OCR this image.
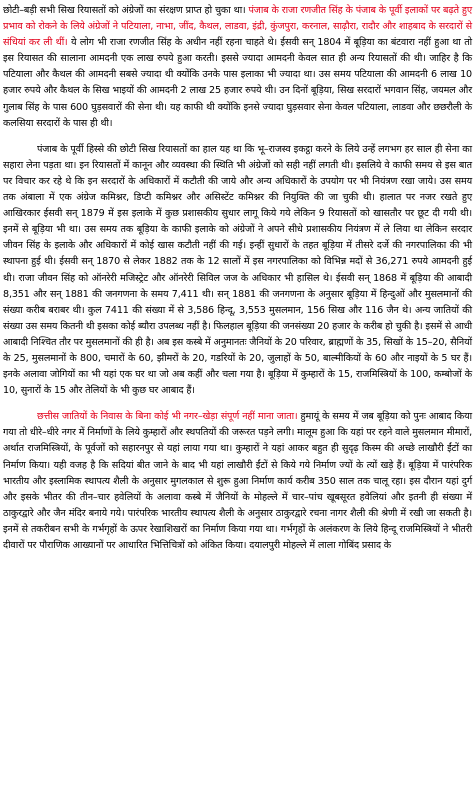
छोटी–बड़ी सभी सिख रियासतों को अंग्रेजों का संरक्षण प्राप्त हो चुका था। पंजाब के राजा रणजीत सिंह के पंजाब के पूर्वी इलाकों पर बढ़ते हुए प्रभाव को रोकने के लिये अंग्रेजों ने पटियाला, नाभा, जींद, कैथल, लाडवा, इंद्री, कुंजपुरा, करनाल, साढ़ौरा, रादौर और शाहबाद के सरदारों से संधियां कर ली थीं। ये लोग भी राजा रणजीत सिंह के अधीन नहीं रहना चाहते थे। ईसवी सन् 1804 में बूड़िया का बंटवारा नहीं हुआ था तो इस रियासत की सालाना आमदनी एक लाख रुपये हुआ करती। इससे ज्यादा आमदनी केवल सात ही अन्य रियासतों की थी। जाहिर है कि पटियाला और कैथल की आमदनी सबसे ज्यादा थी क्योंकि उनके पास इलाका भी ज्यादा था। उस समय पटियाला की आमदनी 6 लाख 10 हजार रुपये और कैथल के सिख भाइयों की आमदनी 2 लाख 25 हजार रुपये थी। उन दिनों बूड़िया, सिख सरदारों भगवान सिंह, जयमल और गुलाब सिंह के पास 600 घुड़सवारों की सेना थी। यह काफी थी क्योंकि इनसे ज्यादा घुड़सवार सेना केवल पटियाला, लाडवा और छछरौली के कलसिया सरदारों के पास ही थी।

पंजाब के पूर्वी हिस्से की छोटी सिख रियासतों का हाल यह था कि भू–राजस्व इकट्ठा करने के लिये उन्हें लगभग हर साल ही सेना का सहारा लेना पड़ता था। इन रियासतों में कानून और व्यवस्था की स्थिति भी अंग्रेजों को सही नहीं लगती थी। इसलिये वे काफी समय से इस बात पर विचार कर रहे थे कि इन सरदारों के अधिकारों में कटौती की जाये और अन्य अधिकारों के उपयोग पर भी नियंत्रण रखा जाये। उस समय तक अंबाला में एक अंग्रेज कमिश्नर, डिप्टी कमिश्नर और असिस्टेंट कमिश्नर की नियुक्ति की जा चुकी थी। हालात पर नजर रखते हुए आखिरकार ईसवी सन् 1879 में इस इलाके में कुछ प्रशासकीय सुधार लागू किये गये लेकिन 9 रियासतों को खासतौर पर छूट दी गयी थी। इनमें से बूड़िया भी था। उस समय तक बूड़िया के काफी इलाके को अंग्रेजों ने अपने सीधे प्रशासकीय नियंत्रण में ले लिया था लेकिन सरदार जीवन सिंह के इलाके और अधिकारों में कोई खास कटौती नहीं की गई। इन्हीं सुधारों के तहत बूड़िया में तीसरे दर्जे की नगरपालिका की भी स्थापना हुई थी। ईसवी सन् 1870 से लेकर 1882 तक के 12 सालों में इस नगरपालिका को विभिन्न मदों से 36,271 रुपये आमदनी हुई थी। राजा जीवन सिंह को ऑनरेरी मजिस्ट्रेट और ऑनरेरी सिविल जज के अधिकार भी हासिल थे। ईसवी सन् 1868 में बूड़िया की आबादी 8,351 और सन् 1881 की जनगणना के समय 7,411 थी। सन् 1881 की जनगणना के अनुसार बूड़िया में हिन्दुओं और मुसलमानों की संख्या करीब बराबर थी। कुल 7411 की संख्या में से 3,586 हिन्दू, 3,553 मुसलमान, 156 सिख और 116 जैन थे। अन्य जातियों की संख्या उस समय कितनी थी इसका कोई ब्यौरा उपलब्ध नहीं है। फिलहाल बूड़िया की जनसंख्या 20 हजार के करीब हो चुकी है। इसमें से आधी आबादी निश्चित तौर पर मुसलमानों की ही है। अब इस कस्बे में अनुमानतः जैनियों के 20 परिवार, ब्राह्मणों के 35, सिखों के 15–20, सैनियों के 25, मुसलमानों के 800, चमारों के 60, झीमरों के 20, गडरियों के 20, जुलाहों के 50, बाल्मीकियों के 60 और नाइयों के 5 घर हैं। इनके अलावा जोगियों का भी यहां एक घर था जो अब कहीं और चला गया है। बूड़िया में कुम्हारों के 15, राजमिस्त्रियों के 100, कम्बोजों के 10, सुनारों के 15 और तेलियों के भी कुछ घर आबाद हैं।

छत्तीस जातियों के निवास के बिना कोई भी नगर–खेड़ा संपूर्ण नहीं माना जाता। हुमायूं के समय में जब बूड़िया को पुनः आबाद किया गया तो धीरे–धीरे नगर में निर्माणों के लिये कुम्हारों और स्थपतियों की जरूरत पड़ने लगी। मालूम हुआ कि यहां पर रहने वाले मुसलमान मीमारों, अर्थात राजमिस्त्रियों, के पूर्वजों को सहारनपुर से यहां लाया गया था। कुम्हारों ने यहां आकर बहुत ही सुदृढ़ किस्म की अच्छे लाखौरी ईंटों का निर्माण किया। यही वजह है कि सदियां बीत जाने के बाद भी यहां लाखौरी ईंटों से किये गये निर्माण ज्यों के त्यों खड़े हैं। बूड़िया में पारंपरिक भारतीय और इस्लामिक स्थापत्य शैली के अनुसार मुगलकाल से शुरू हुआ निर्माण कार्य करीब 350 साल तक चालू रहा। इस दौरान यहां दुर्ग और इसके भीतर की तीन–चार हवेलियों के अलावा कस्बे में जैनियों के मोहल्ले में चार–पांच खूबसूरत हवेलियां और इतनी ही संख्या में ठाकुरद्वारे और जैन मंदिर बनाये गये। पारंपरिक भारतीय स्थापत्य शैली के अनुसार ठाकुरद्वारे रचना नागर शैली की श्रेणी में रखी जा सकती है। इनमें से तकरीबन सभी के गर्भगृहों के ऊपर रेखाशिखरों का निर्माण किया गया था। गर्भगृहों के अलंकरण के लिये हिन्दू राजमिस्त्रियों ने भीतरी दीवारों पर पौराणिक आख्यानों पर आधारित भित्तिचित्रों को अंकित किया। दयालपुरी मोहल्ले में लाला गोबिंद प्रसाद के
